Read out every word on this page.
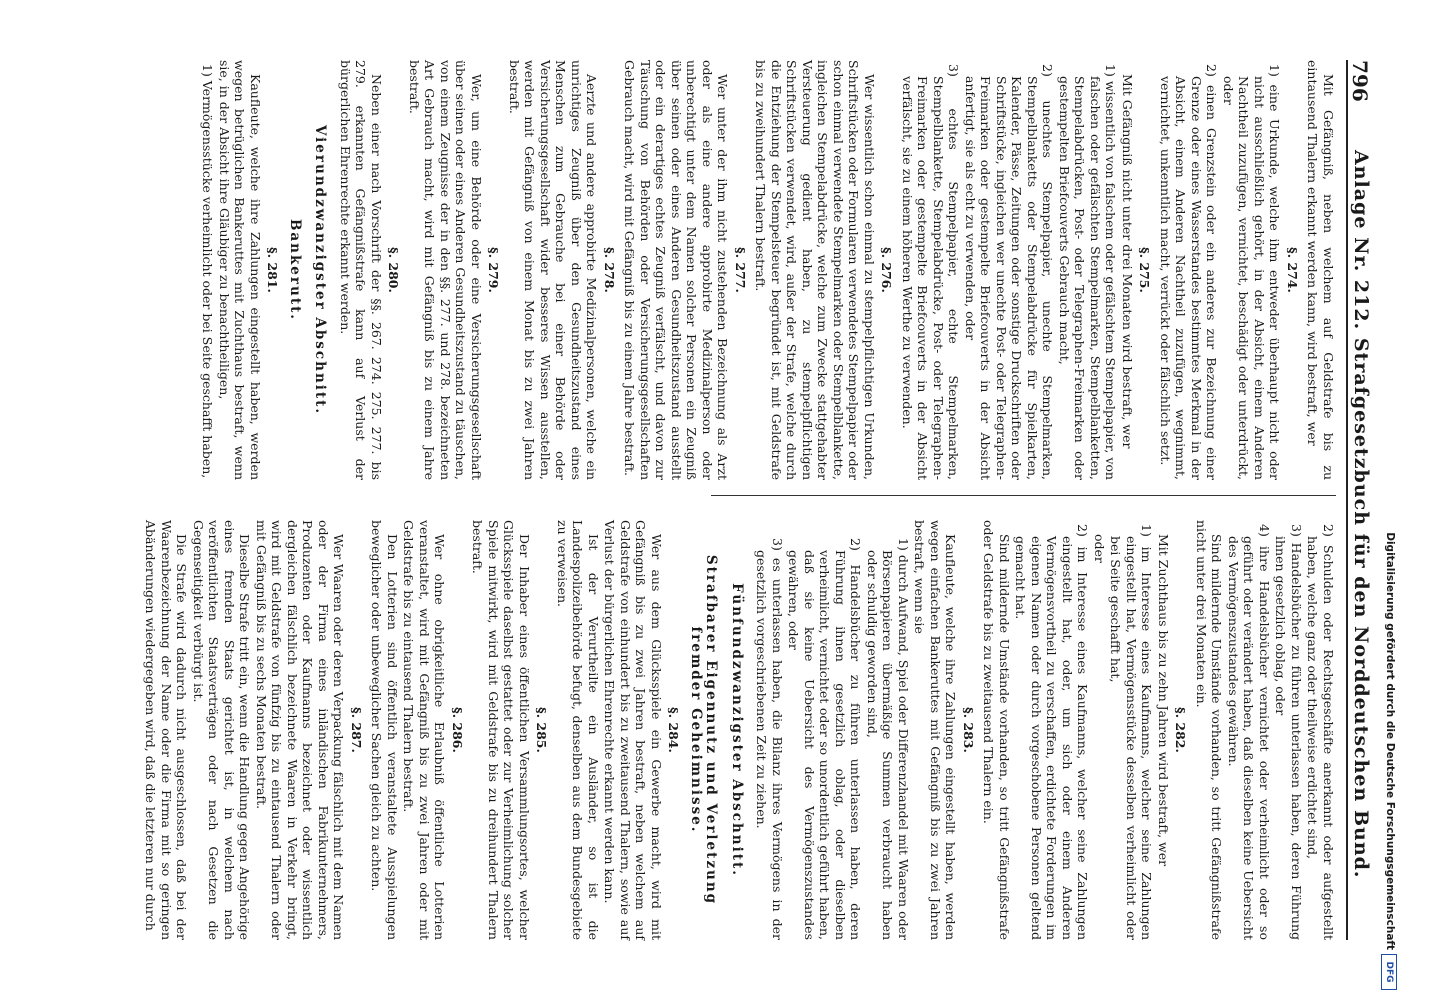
Digitalisierung gefördert durch die Deutsche Forschungsgemeinschaft
DFG
796
Anlage Nr. 212. Strafgesetzbuch für den Norddeutschen Bund.

Mit Gefängniß, neben welchem auf Geldstrafe bis zu eintausend Thalern erkannt werden kann, wird bestraft, wer

§. 274.

1) eine Urkunde, welche ihm entweder überhaupt nicht oder nicht ausschließlich gehört, in der Absicht, einem Anderen Nachtheil zuzufügen, vernichtet, beschädigt oder unterdrückt, oder

2) einen Grenzstein oder ein anderes zur Bezeichnung einer Grenze oder eines Wasserstandes bestimmtes Merkmal in der Absicht, einem Anderen Nachtheil zuzufügen, wegnimmt, vernichtet, unkenntlich macht, verrückt oder fälschlich setzt.

§. 275.

Mit Gefängniß nicht unter drei Monaten wird bestraft, wer

1) wissentlich von falschem oder gefälschtem Stempelpapier, von falschen oder gefälschten Stempelmarken, Stempelblanketten, Stempelabdrücken, Post- oder Telegraphen-Freimarken oder gestempelten Briefcouverts Gebrauch macht,

2) unechtes Stempelpapier, unechte Stempelmarken, Stempelblanketts oder Stempelabdrücke für Spielkarten, Kalender, Pässe, Zeitungen oder sonstige Druckschriften oder Schriftstücke, ingleichen wer unechte Post- oder Telegraphen-Freimarken oder gestempelte Briefcouverts in der Absicht anfertigt, sie als echt zu verwenden, oder

3) echtes Stempelpapier, echte Stempelmarken, Stempelblankette, Stempelabdrücke, Post- oder Telegraphen-Freimarken oder gestempelte Briefcouverts in der Absicht verfälscht, sie zu einem höheren Werthe zu verwenden.

§. 276.

Wer wissentlich schon einmal zu stempelpflichtigen Urkunden, Schriftstücken oder Formularen verwendetes Stempelpapier oder schon einmal verwendete Stempelmarken oder Stempelblankette, ingleichen Stempelabdrücke, welche zum Zwecke stattgehabter Versteuerung gedient haben, zu stempelpflichtigen Schriftstücken verwendet, wird, außer der Strafe, welche durch die Entziehung der Stempelsteuer begründet ist, mit Geldstrafe bis zu zweihundert Thalern bestraft.

§. 277.

Wer unter der ihm nicht zustehenden Bezeichnung als Arzt oder als eine andere approbirte Medizinalperson oder unberechtigt unter dem Namen solcher Personen ein Zeugniß über seinen oder eines Anderen Gesundheitszustand ausstellt oder ein derartiges echtes Zeugniß verfälscht, und davon zur Täuschung von Behörden oder Versicherungsgesellschaften Gebrauch macht, wird mit Gefängniß bis zu einem Jahre bestraft.

§. 278.

Aerzte und andere approbirte Medizinalpersonen, welche ein unrichtiges Zeugniß über den Gesundheitszustand eines Menschen zum Gebrauche bei einer Behörde oder Versicherungsgesellschaft wider besseres Wissen ausstellen, werden mit Gefängniß von einem Monat bis zu zwei Jahren bestraft.

§. 279.

Wer, um eine Behörde oder eine Versicherungsgesellschaft über seinen oder eines Anderen Gesundheitszustand zu täuschen, von einem Zeugnisse der in den §§. 277. und 278. bezeichneten Art Gebrauch macht, wird mit Gefängniß bis zu einem Jahre bestraft.

§. 280.

Neben einer nach Vorschrift der §§. 267. 274. 275. 277. bis 279. erkannten Gefängnißstrafe kann auf Verlust der bürgerlichen Ehrenrechte erkannt werden.

Vierundzwanzigster Abschnitt.
Bankerutt.
§. 281.

Kaufleute, welche ihre Zahlungen eingestellt haben, werden wegen betrüglichen Bankeruttes mit Zuchthaus bestraft, wenn sie, in der Absicht ihre Gläubiger zu benachtheiligen,

1) Vermögensstücke verheimlicht oder bei Seite geschafft haben,

2) Schulden oder Rechtsgeschäfte anerkannt oder aufgestellt haben, welche ganz oder theilweise erdichtet sind,

3) Handelsbücher zu führen unterlassen haben, deren Führung ihnen gesetzlich oblag, oder

4) ihre Handelsbücher vernichtet oder verheimlicht oder so geführt oder verändert haben, daß dieselben keine Uebersicht des Vermögenszustandes gewähren.

Sind mildernde Umstände vorhanden, so tritt Gefängnißstrafe nicht unter drei Monaten ein.

§. 282.

Mit Zuchthaus bis zu zehn Jahren wird bestraft, wer

1) im Interesse eines Kaufmanns, welcher seine Zahlungen eingestellt hat, Vermögensstücke desselben verheimlicht oder bei Seite geschafft hat,

oder

2) im Interesse eines Kaufmanns, welcher seine Zahlungen eingestellt hat, oder, um sich oder einem Anderen Vermögensvortheil zu verschaffen, erdichtete Forderungen im eigenen Namen oder durch vorgeschobene Personen geltend gemacht hat.

Sind mildernde Umstände vorhanden, so tritt Gefängnißstrafe oder Geldstrafe bis zu zweitausend Thalern ein.

§. 283.

Kaufleute, welche ihre Zahlungen eingestellt haben, werden wegen einfachen Bankeruttes mit Gefängniß bis zu zwei Jahren bestraft, wenn sie

1) durch Aufwand, Spiel oder Differenzhandel mit Waaren oder Börsenpapieren übermäßige Summen verbraucht haben oder schuldig geworden sind,

2) Handelsbücher zu führen unterlassen haben, deren Führung ihnen gesetzlich oblag, oder dieselben verheimlicht, vernichtet oder so unordentlich geführt haben, daß sie keine Uebersicht des Vermögenszustandes gewähren, oder

3) es unterlassen haben, die Bilanz ihres Vermögens in der gesetzlich vorgeschriebenen Zeit zu ziehen.

Fünfundzwanzigster Abschnitt.
Strafbarer Eigennutz und Verletzung fremder Geheimnisse.
§. 284.

Wer aus dem Glücksspiele ein Gewerbe macht, wird mit Gefängniß bis zu zwei Jahren bestraft, neben welchem auf Geldstrafe von einhundert bis zu zweitausend Thalern, sowie auf Verlust der bürgerlichen Ehrenrechte erkannt werden kann.

Ist der Verurtheilte ein Ausländer, so ist die Landespolizeibehörde befugt, denselben aus dem Bundesgebiete zu verweisen.

§. 285.

Der Inhaber eines öffentlichen Versammlungsortes, welcher Glücksspiele daselbst gestattet oder zur Verheimlichung solcher Spiele mitwirkt, wird mit Geldstrafe bis zu dreihundert Thalern bestraft.

§. 286.

Wer ohne obrigkeitliche Erlaubniß öffentliche Lotterien veranstaltet, wird mit Gefängniß bis zu zwei Jahren oder mit Geldstrafe bis zu eintausend Thalern bestraft.

Den Lotterien sind öffentlich veranstaltete Ausspielungen beweglicher oder unbeweglicher Sachen gleich zu achten.

§. 287.

Wer Waaren oder deren Verpackung fälschlich mit dem Namen oder der Firma eines inländischen Fabrikunternehmers, Produzenten oder Kaufmanns bezeichnet oder wissentlich dergleichen fälschlich bezeichnete Waaren in Verkehr bringt, wird mit Geldstrafe von fünfzig bis zu eintausend Thalern oder mit Gefängniß bis zu sechs Monaten bestraft.

Dieselbe Strafe tritt ein, wenn die Handlung gegen Angehörige eines fremden Staats gerichtet ist, in welchem nach veröffentlichten Staatsverträgen oder nach Gesetzen die Gegenseitigkeit verbürgt ist.

Die Strafe wird dadurch nicht ausgeschlossen, daß bei der Waarenbezeichnung der Name oder die Firma mit so geringen Abänderungen wiedergegeben wird, daß die letzteren nur durch
